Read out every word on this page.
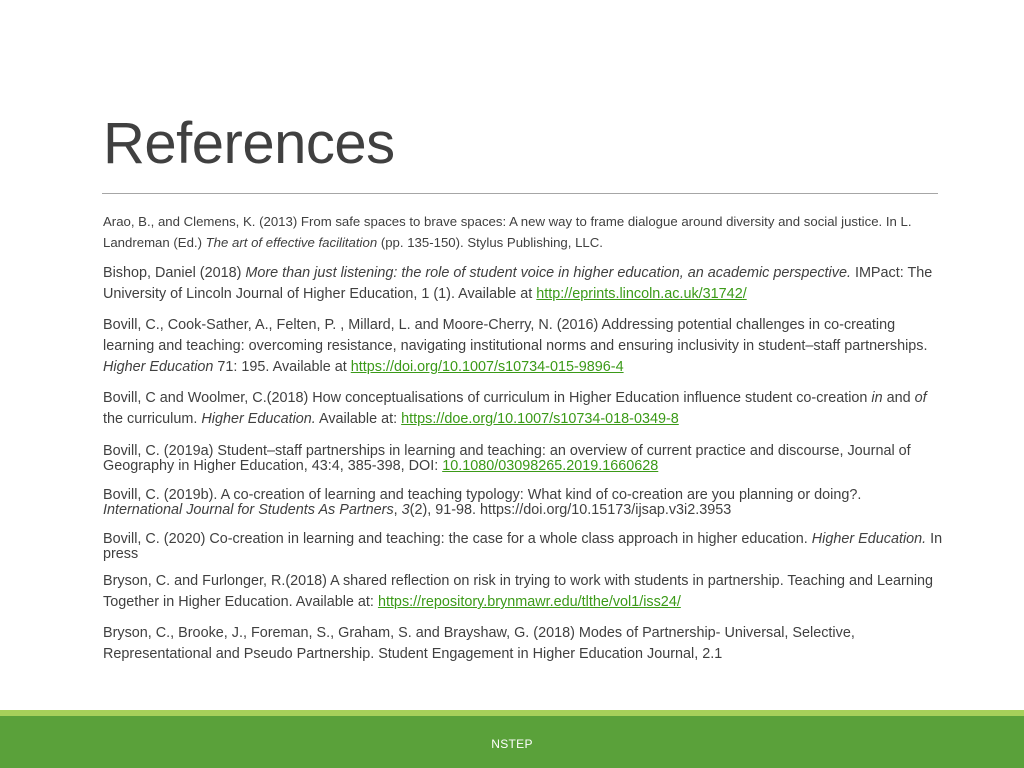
References

Arao, B., and Clemens, K. (2013) From safe spaces to brave spaces: A new way to frame dialogue around diversity and social justice. In L. Landreman (Ed.) The art of effective facilitation (pp. 135-150). Stylus Publishing, LLC.

Bishop, Daniel (2018) More than just listening: the role of student voice in higher education, an academic perspective. IMPact: The University of Lincoln Journal of Higher Education, 1 (1). Available at http://eprints.lincoln.ac.uk/31742/

Bovill, C., Cook-Sather, A., Felten, P. , Millard, L. and Moore-Cherry, N. (2016) Addressing potential challenges in co-creating learning and teaching: overcoming resistance, navigating institutional norms and ensuring inclusivity in student–staff partnerships. Higher Education 71: 195. Available at https://doi.org/10.1007/s10734-015-9896-4

Bovill, C and Woolmer, C.(2018) How conceptualisations of curriculum in Higher Education influence student co-creation in and of the curriculum. Higher Education. Available at: https://doe.org/10.1007/s10734-018-0349-8

Bovill, C. (2019a) Student–staff partnerships in learning and teaching: an overview of current practice and discourse, Journal of Geography in Higher Education, 43:4, 385-398, DOI: 10.1080/03098265.2019.1660628

Bovill, C. (2019b). A co-creation of learning and teaching typology: What kind of co-creation are you planning or doing?. International Journal for Students As Partners, 3(2), 91-98. https://doi.org/10.15173/ijsap.v3i2.3953

Bovill, C. (2020) Co-creation in learning and teaching: the case for a whole class approach in higher education. Higher Education. In press

Bryson, C. and Furlonger, R.(2018) A shared reflection on risk in trying to work with students in partnership. Teaching and Learning Together in Higher Education. Available at: https://repository.brynmawr.edu/tlthe/vol1/iss24/

Bryson, C., Brooke, J., Foreman, S., Graham, S. and Brayshaw, G. (2018) Modes of Partnership- Universal, Selective, Representational and Pseudo Partnership. Student Engagement in Higher Education Journal, 2.1

NSTEP
